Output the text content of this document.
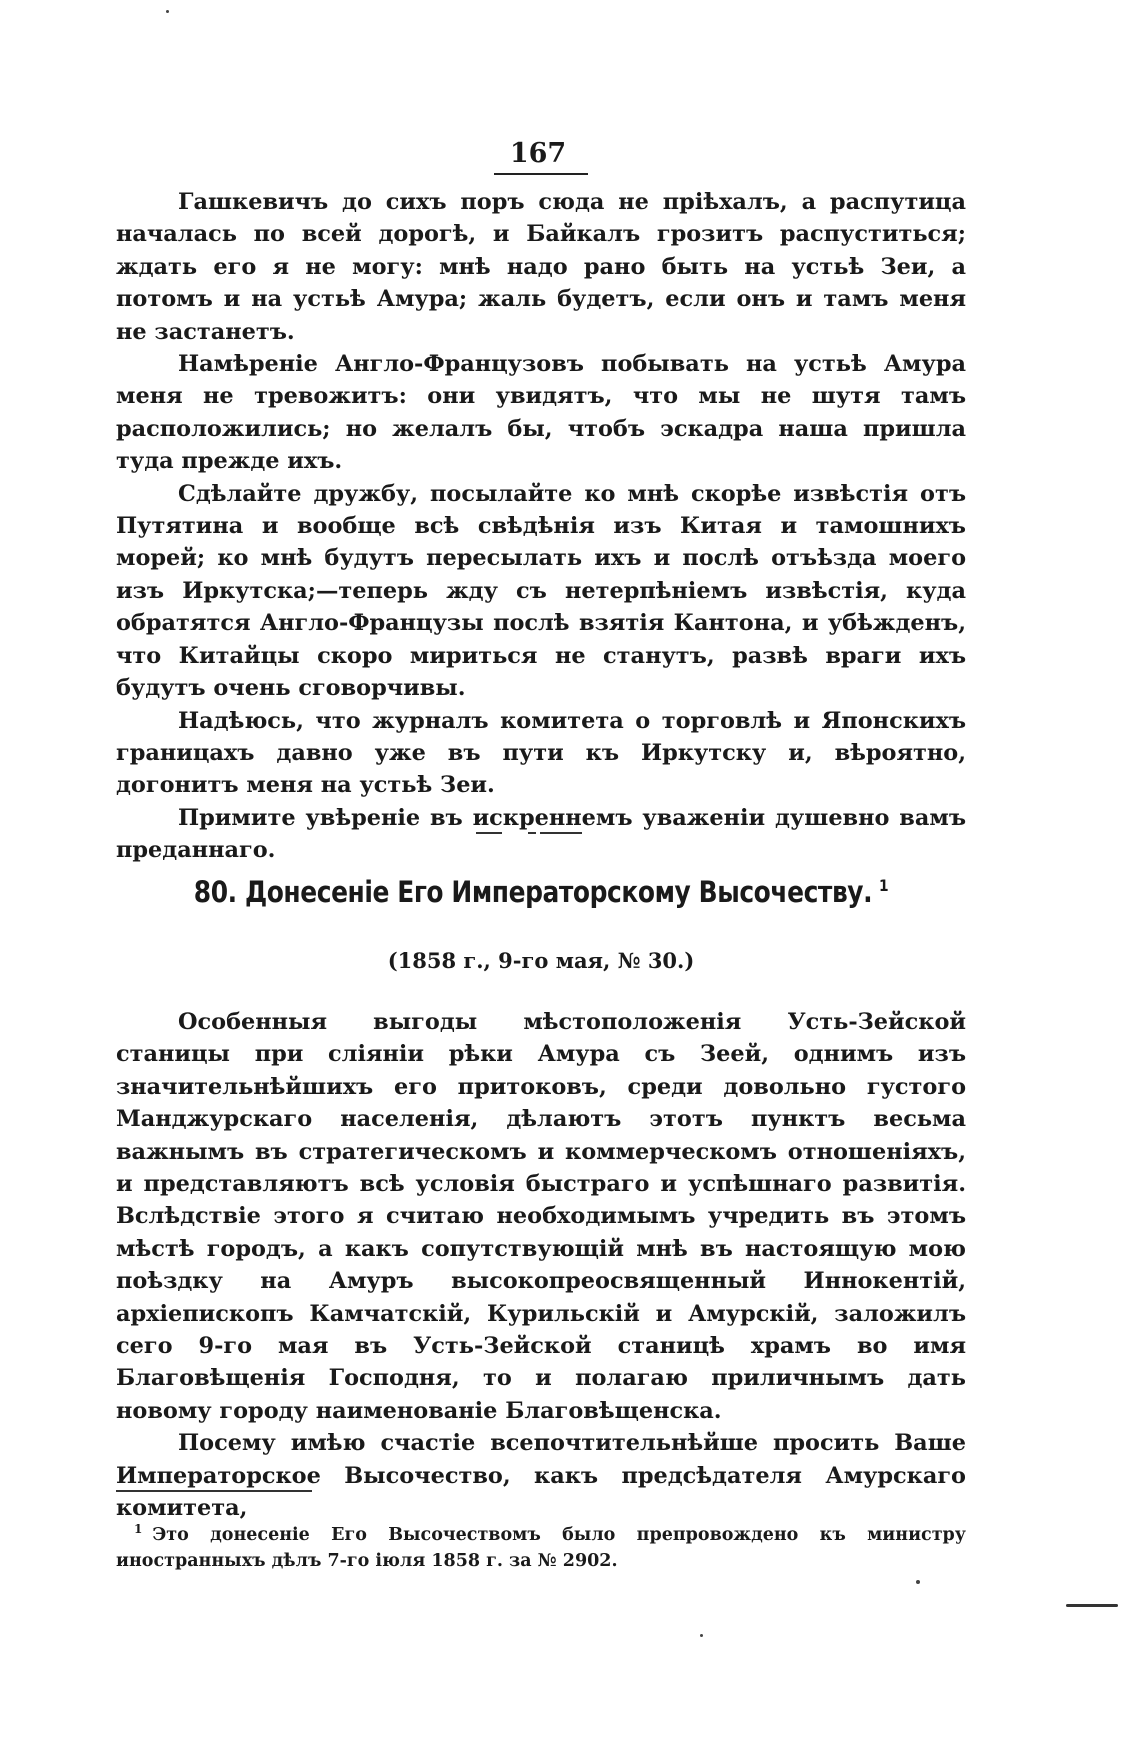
167

Гашкевичъ до сихъ поръ сюда не пріѣхалъ, а распутица началась по всей дорогѣ, и Байкалъ грозитъ распуститься; ждать его я не могу: мнѣ надо рано быть на устьѣ Зеи, а потомъ и на устьѣ Амура; жаль будетъ, если онъ и тамъ меня не застанетъ.

Намѣреніе Англо-Французовъ побывать на устьѣ Амура меня не тревожитъ: они увидятъ, что мы не шутя тамъ расположились; но желалъ бы, чтобъ эскадра наша пришла туда прежде ихъ.

Сдѣлайте дружбу, посылайте ко мнѣ скорѣе извѣстія отъ Путятина и вообще всѣ свѣдѣнія изъ Китая и тамошнихъ морей; ко мнѣ будутъ пересылать ихъ и послѣ отъѣзда моего изъ Иркутска;—теперь жду съ нетерпѣніемъ извѣстія, куда обратятся Англо-Французы послѣ взятія Кантона, и убѣжденъ, что Китайцы скоро мириться не станутъ, развѣ враги ихъ будутъ очень сговорчивы.

Надѣюсь, что журналъ комитета о торговлѣ и Японскихъ границахъ давно уже въ пути къ Иркутску и, вѣроятно, догонитъ меня на устьѣ Зеи.

Примите увѣреніе въ искреннемъ уваженіи душевно вамъ преданнаго.

80. Донесеніе Его Императорскому Высочеству. $^1$
(1858 г., 9-го мая, № 30.)

Особенныя выгоды мѣстоположенія Усть-Зейской станицы при сліяніи рѣки Амура съ Зеей, однимъ изъ значительнѣйшихъ его притоковъ, среди довольно густого Манджурскаго населенія, дѣлаютъ этотъ пунктъ весьма важнымъ въ стратегическомъ и коммерческомъ отношеніяхъ, и представляютъ всѣ условія быстраго и успѣшнаго развитія. Вслѣдствіе этого я считаю необходимымъ учредить въ этомъ мѣстѣ городъ, а какъ сопутствующій мнѣ въ настоящую мою поѣздку на Амуръ высокопреосвященный Иннокентій, архіепископъ Камчатскій, Курильскій и Амурскій, заложилъ сего 9-го мая въ Усть-Зейской станицѣ храмъ во имя Благовѣщенія Господня, то и полагаю приличнымъ дать новому городу наименованіе Благовѣщенска.

Посему имѣю счастіе всепочтительнѣйше просить Ваше Императорское Высочество, какъ предсѣдателя Амурскаго комитета,

$^1$ Это донесеніе Его Высочествомъ было препровождено къ министру иностранныхъ дѣлъ 7-го іюля 1858 г. за № 2902.
